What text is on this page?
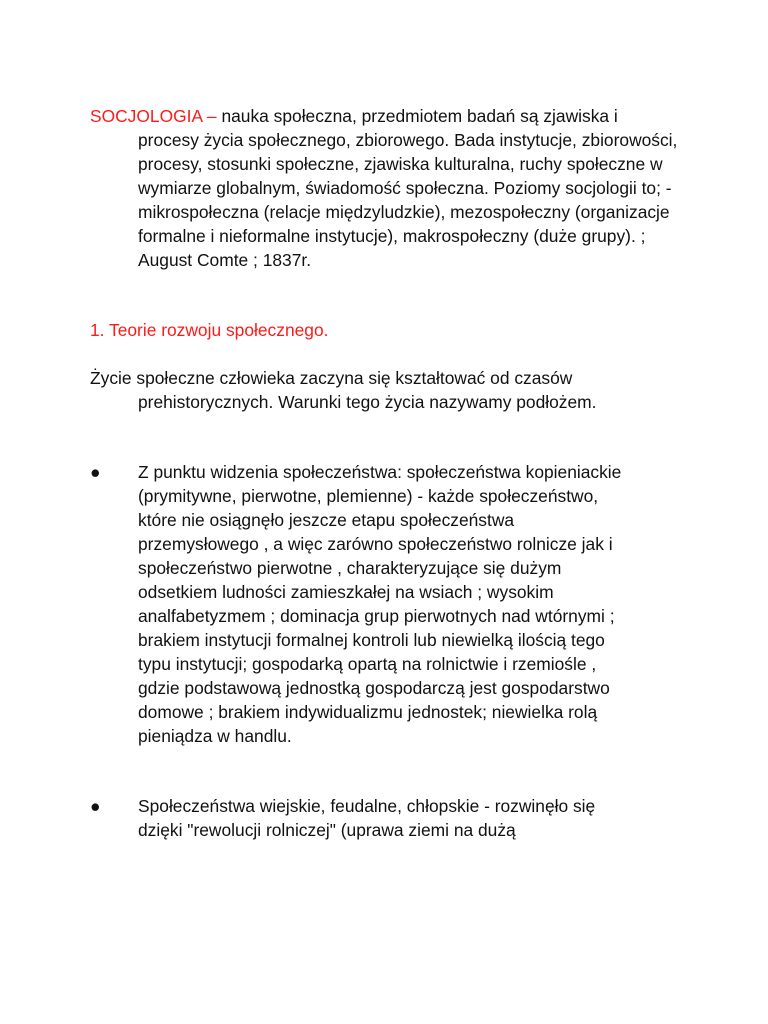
SOCJOLOGIA – nauka społeczna, przedmiotem badań są zjawiska i procesy życia społecznego, zbiorowego. Bada instytucje, zbiorowości, procesy, stosunki społeczne, zjawiska kulturalna, ruchy społeczne w wymiarze globalnym, świadomość społeczna. Poziomy socjologii to; - mikrospołeczna (relacje międzyludzkie), mezospołeczny (organizacje formalne i nieformalne instytucje), makrospołeczny (duże grupy). ; August Comte ; 1837r.

1. Teorie rozwoju społecznego.

Życie społeczne człowieka zaczyna się kształtować od czasów prehistorycznych. Warunki tego życia nazywamy podłożem.

● Z punktu widzenia społeczeństwa: społeczeństwa kopieniackie (prymitywne, pierwotne, plemienne) - każde społeczeństwo, które nie osiągnęło jeszcze etapu społeczeństwa przemysłowego , a więc zarówno społeczeństwo rolnicze jak i społeczeństwo pierwotne , charakteryzujące się dużym odsetkiem ludności zamieszkałej na wsiach ; wysokim analfabetyzmem ; dominacja grup pierwotnych nad wtórnymi ; brakiem instytucji formalnej kontroli lub niewielką ilością tego typu instytucji; gospodarką opartą na rolnictwie i rzemiośle , gdzie podstawową jednostką gospodarczą jest gospodarstwo domowe ; brakiem indywidualizmu jednostek; niewielka rolą pieniądza w handlu.
● Społeczeństwa wiejskie, feudalne, chłopskie - rozwinęło się dzięki "rewolucji rolniczej" (uprawa ziemi na dużą
